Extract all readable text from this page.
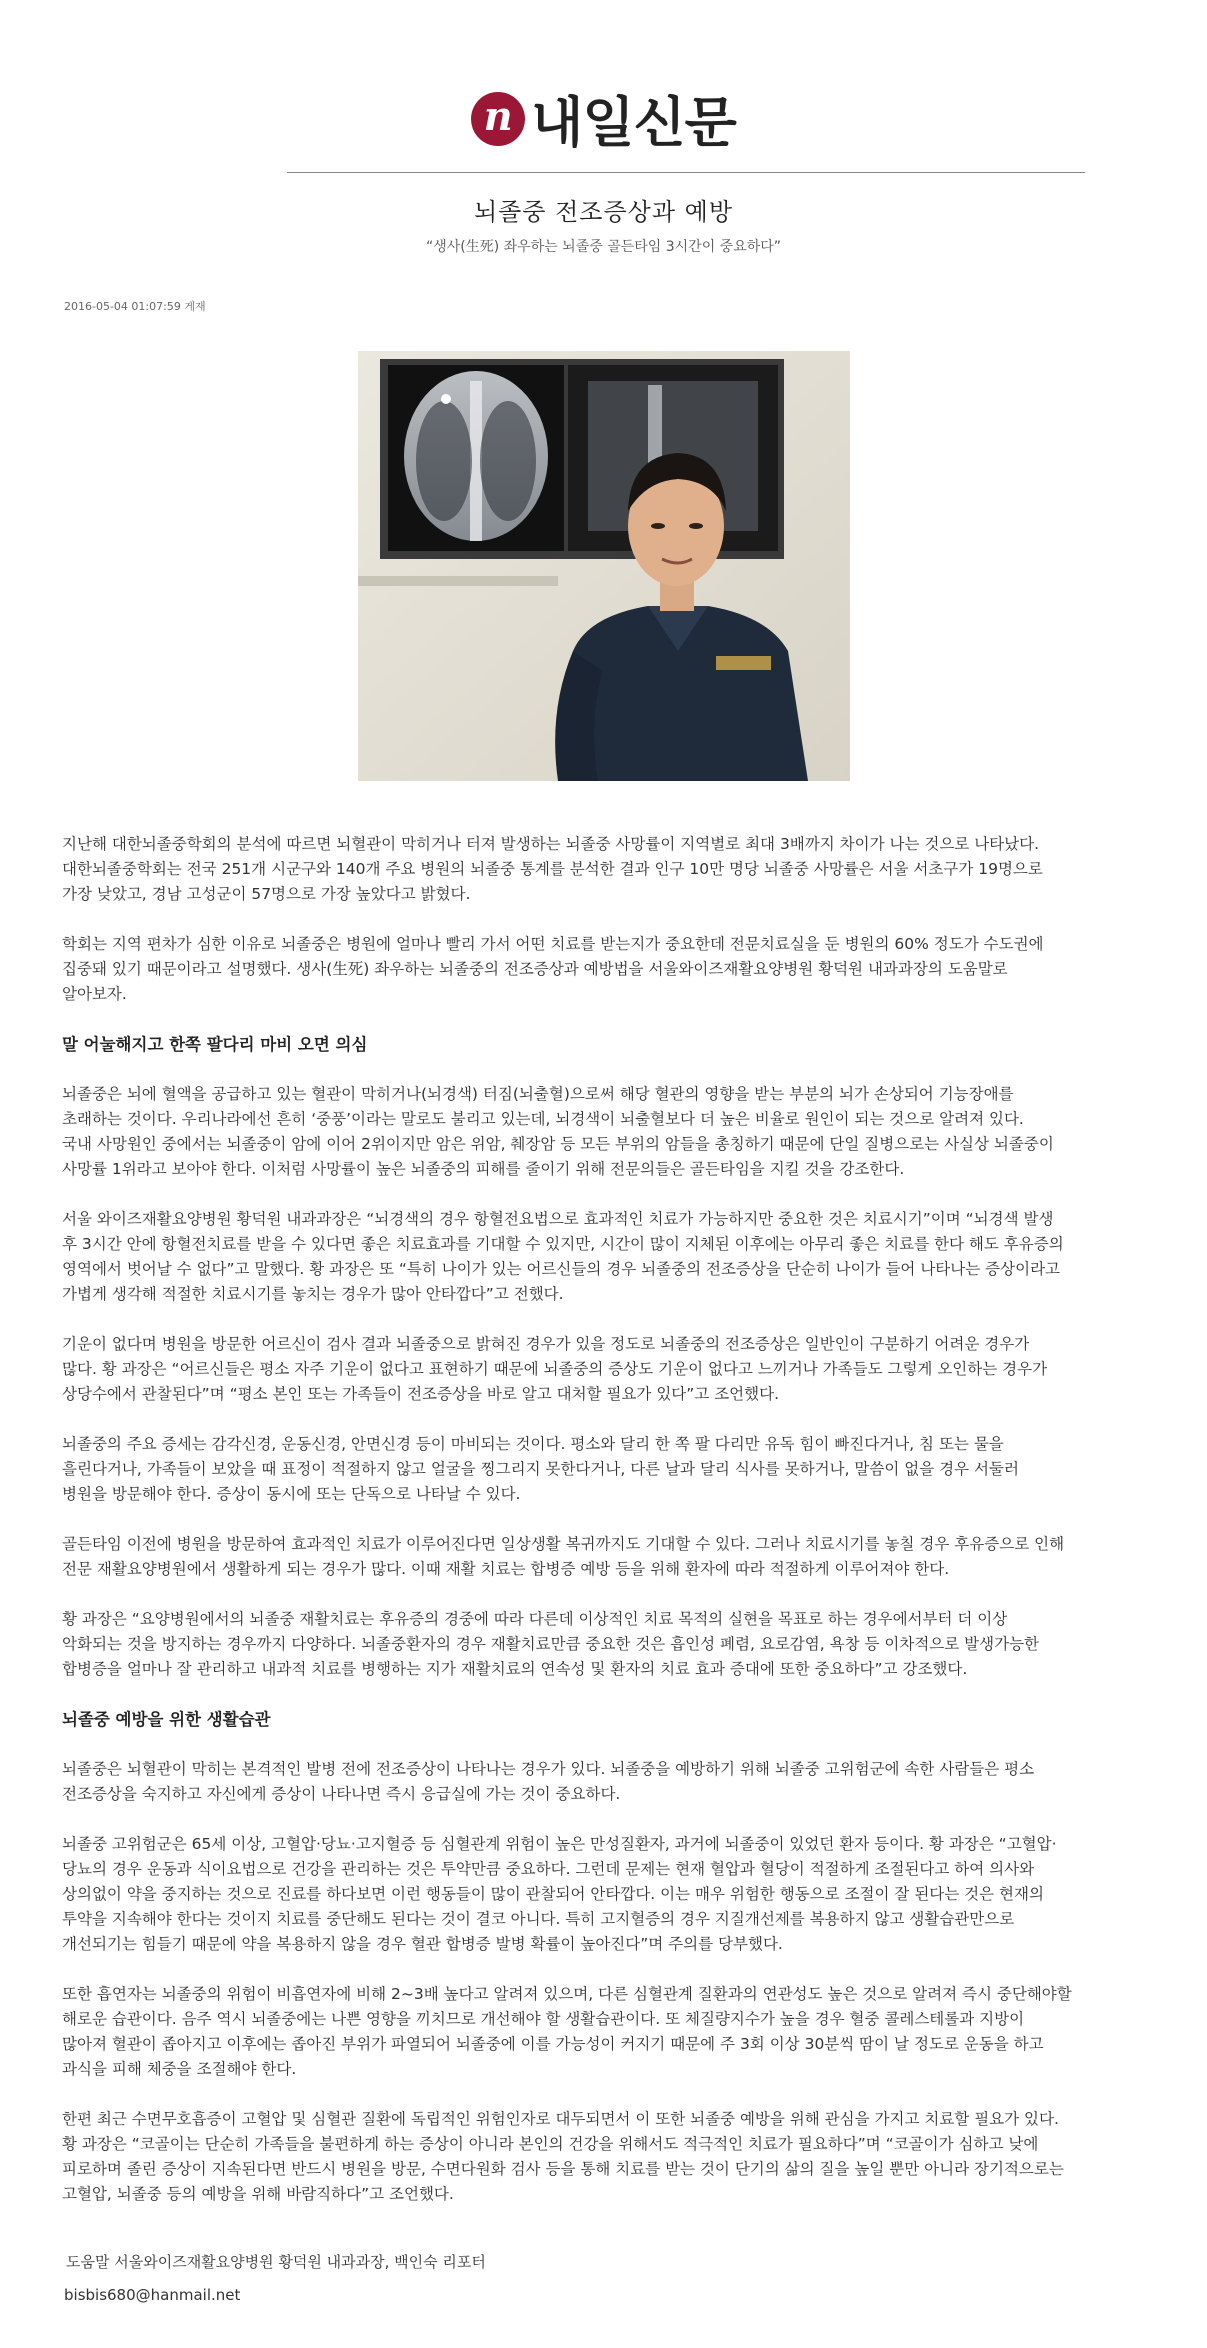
n 내일신문
뇌졸중 전조증상과 예방
“생사(生死) 좌우하는 뇌졸중 골든타임 3시간이 중요하다”
2016-05-04 01:07:59 게재

지난해 대한뇌졸중학회의 분석에 따르면 뇌혈관이 막히거나 터져 발생하는 뇌졸중 사망률이 지역별로 최대 3배까지 차이가 나는 것으로 나타났다.
대한뇌졸중학회는 전국 251개 시군구와 140개 주요 병원의 뇌졸중 통계를 분석한 결과 인구 10만 명당 뇌졸중 사망률은 서울 서초구가 19명으로
가장 낮았고, 경남 고성군이 57명으로 가장 높았다고 밝혔다.

학회는 지역 편차가 심한 이유로 뇌졸중은 병원에 얼마나 빨리 가서 어떤 치료를 받는지가 중요한데 전문치료실을 둔 병원의 60% 정도가 수도권에
집중돼 있기 때문이라고 설명했다. 생사(生死) 좌우하는 뇌졸중의 전조증상과 예방법을 서울와이즈재활요양병원 황덕원 내과과장의 도움말로
알아보자.

말 어눌해지고 한쪽 팔다리 마비 오면 의심

뇌졸중은 뇌에 혈액을 공급하고 있는 혈관이 막히거나(뇌경색) 터짐(뇌출혈)으로써 해당 혈관의 영향을 받는 부분의 뇌가 손상되어 기능장애를
초래하는 것이다. 우리나라에선 흔히 ‘중풍’이라는 말로도 불리고 있는데, 뇌경색이 뇌출혈보다 더 높은 비율로 원인이 되는 것으로 알려져 있다.
국내 사망원인 중에서는 뇌졸중이 암에 이어 2위이지만 암은 위암, 췌장암 등 모든 부위의 암들을 총칭하기 때문에 단일 질병으로는 사실상 뇌졸중이
사망률 1위라고 보아야 한다. 이처럼 사망률이 높은 뇌졸중의 피해를 줄이기 위해 전문의들은 골든타임을 지킬 것을 강조한다.

서울 와이즈재활요양병원 황덕원 내과과장은 “뇌경색의 경우 항혈전요법으로 효과적인 치료가 가능하지만 중요한 것은 치료시기”이며 “뇌경색 발생
후 3시간 안에 항혈전치료를 받을 수 있다면 좋은 치료효과를 기대할 수 있지만, 시간이 많이 지체된 이후에는 아무리 좋은 치료를 한다 해도 후유증의
영역에서 벗어날 수 없다”고 말했다. 황 과장은 또 “특히 나이가 있는 어르신들의 경우 뇌졸중의 전조증상을 단순히 나이가 들어 나타나는 증상이라고
가볍게 생각해 적절한 치료시기를 놓치는 경우가 많아 안타깝다”고 전했다.

기운이 없다며 병원을 방문한 어르신이 검사 결과 뇌졸중으로 밝혀진 경우가 있을 정도로 뇌졸중의 전조증상은 일반인이 구분하기 어려운 경우가
많다. 황 과장은 “어르신들은 평소 자주 기운이 없다고 표현하기 때문에 뇌졸중의 증상도 기운이 없다고 느끼거나 가족들도 그렇게 오인하는 경우가
상당수에서 관찰된다”며 “평소 본인 또는 가족들이 전조증상을 바로 알고 대처할 필요가 있다”고 조언했다.

뇌졸중의 주요 증세는 감각신경, 운동신경, 안면신경 등이 마비되는 것이다. 평소와 달리 한 쪽 팔 다리만 유독 힘이 빠진다거나, 침 또는 물을
흘린다거나, 가족들이 보았을 때 표정이 적절하지 않고 얼굴을 찡그리지 못한다거나, 다른 날과 달리 식사를 못하거나, 말씀이 없을 경우 서둘러
병원을 방문해야 한다. 증상이 동시에 또는 단독으로 나타날 수 있다.

골든타임 이전에 병원을 방문하여 효과적인 치료가 이루어진다면 일상생활 복귀까지도 기대할 수 있다. 그러나 치료시기를 놓칠 경우 후유증으로 인해
전문 재활요양병원에서 생활하게 되는 경우가 많다. 이때 재활 치료는 합병증 예방 등을 위해 환자에 따라 적절하게 이루어져야 한다.

황 과장은 “요양병원에서의 뇌졸중 재활치료는 후유증의 경중에 따라 다른데 이상적인 치료 목적의 실현을 목표로 하는 경우에서부터 더 이상
악화되는 것을 방지하는 경우까지 다양하다. 뇌졸중환자의 경우 재활치료만큼 중요한 것은 흡인성 폐렴, 요로감염, 욕창 등 이차적으로 발생가능한
합병증을 얼마나 잘 관리하고 내과적 치료를 병행하는 지가 재활치료의 연속성 및 환자의 치료 효과 증대에 또한 중요하다”고 강조했다.

뇌졸중 예방을 위한 생활습관

뇌졸중은 뇌혈관이 막히는 본격적인 발병 전에 전조증상이 나타나는 경우가 있다. 뇌졸중을 예방하기 위해 뇌졸중 고위험군에 속한 사람들은 평소
전조증상을 숙지하고 자신에게 증상이 나타나면 즉시 응급실에 가는 것이 중요하다.

뇌졸중 고위험군은 65세 이상, 고혈압·당뇨·고지혈증 등 심혈관계 위험이 높은 만성질환자, 과거에 뇌졸중이 있었던 환자 등이다. 황 과장은 “고혈압·
당뇨의 경우 운동과 식이요법으로 건강을 관리하는 것은 투약만큼 중요하다. 그런데 문제는 현재 혈압과 혈당이 적절하게 조절된다고 하여 의사와
상의없이 약을 중지하는 것으로 진료를 하다보면 이런 행동들이 많이 관찰되어 안타깝다. 이는 매우 위험한 행동으로 조절이 잘 된다는 것은 현재의
투약을 지속해야 한다는 것이지 치료를 중단해도 된다는 것이 결코 아니다. 특히 고지혈증의 경우 지질개선제를 복용하지 않고 생활습관만으로
개선되기는 힘들기 때문에 약을 복용하지 않을 경우 혈관 합병증 발병 확률이 높아진다”며 주의를 당부했다.

또한 흡연자는 뇌졸중의 위험이 비흡연자에 비해 2~3배 높다고 알려져 있으며, 다른 심혈관계 질환과의 연관성도 높은 것으로 알려져 즉시 중단해야할
해로운 습관이다. 음주 역시 뇌졸중에는 나쁜 영향을 끼치므로 개선해야 할 생활습관이다. 또 체질량지수가 높을 경우 혈중 콜레스테롤과 지방이
많아져 혈관이 좁아지고 이후에는 좁아진 부위가 파열되어 뇌졸중에 이를 가능성이 커지기 때문에 주 3회 이상 30분씩 땀이 날 정도로 운동을 하고
과식을 피해 체중을 조절해야 한다.

한편 최근 수면무호흡증이 고혈압 및 심혈관 질환에 독립적인 위험인자로 대두되면서 이 또한 뇌졸중 예방을 위해 관심을 가지고 치료할 필요가 있다.
황 과장은 “코골이는 단순히 가족들을 불편하게 하는 증상이 아니라 본인의 건강을 위해서도 적극적인 치료가 필요하다”며 “코골이가 심하고 낮에
피로하며 졸린 증상이 지속된다면 반드시 병원을 방문, 수면다원화 검사 등을 통해 치료를 받는 것이 단기의 삶의 질을 높일 뿐만 아니라 장기적으로는
고혈압, 뇌졸중 등의 예방을 위해 바람직하다”고 조언했다.

도움말 서울와이즈재활요양병원 황덕원 내과과장, 백인숙 리포터
bisbis680@hanmail.net
